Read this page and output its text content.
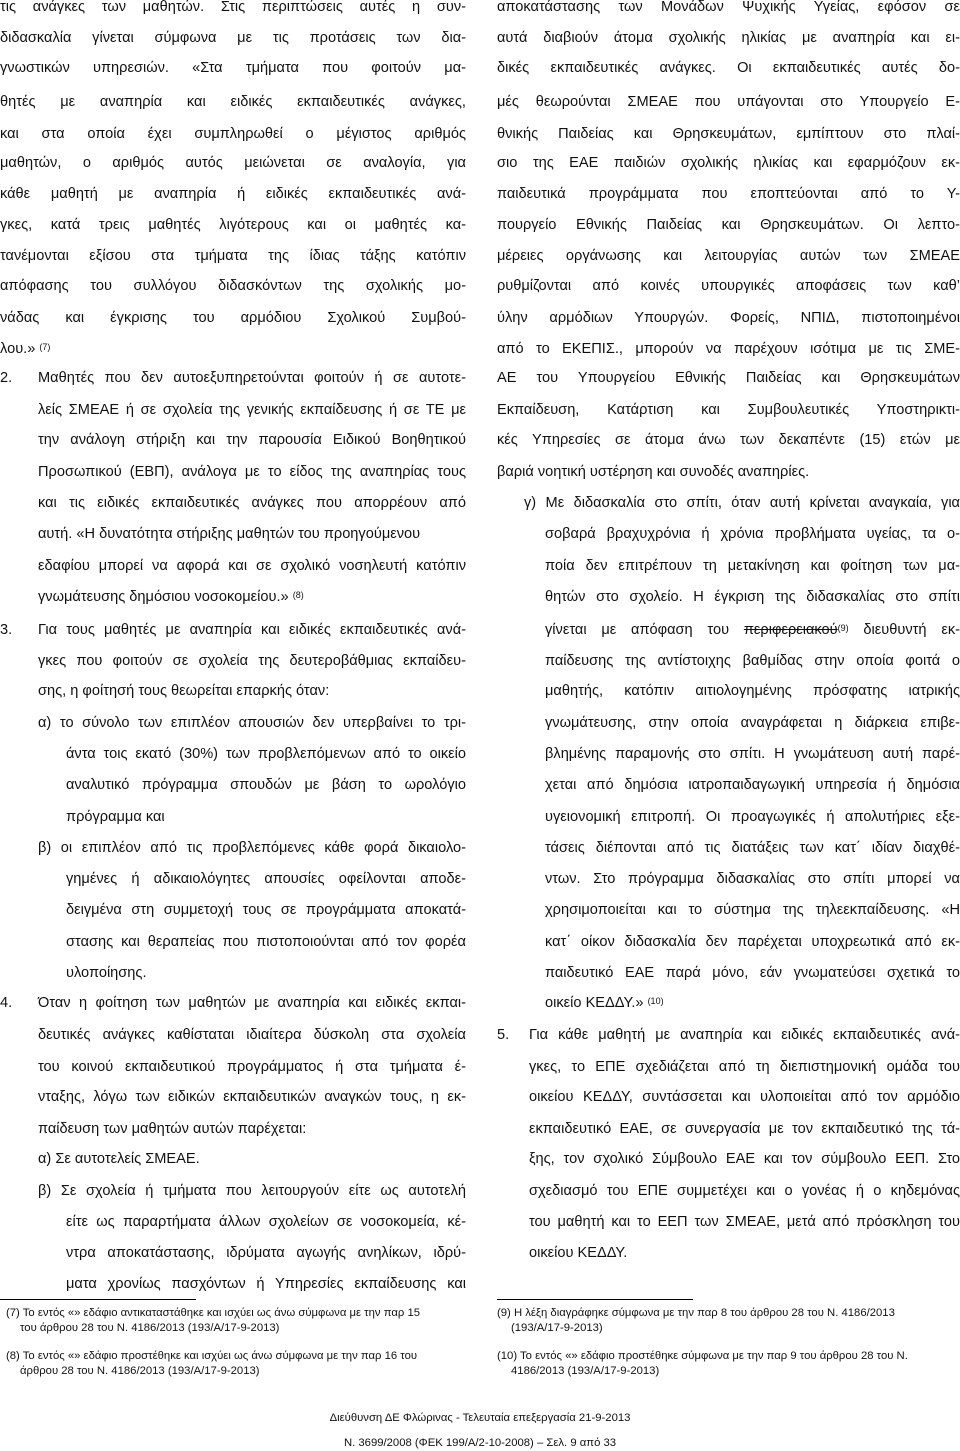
τις ανάγκες των μαθητών. Στις περιπτώσεις αυτές η συν-
διδασκαλία γίνεται σύμφωνα με τις προτάσεις των δια-
γνωστικών υπηρεσιών. «Στα τμήματα που φοιτούν μα-
θητές με αναπηρία και ειδικές εκπαιδευτικές ανάγκες,
και στα οποία έχει συμπληρωθεί ο μέγιστος αριθμός
μαθητών, ο αριθμός αυτός μειώνεται σε αναλογία, για
κάθε μαθητή με αναπηρία ή ειδικές εκπαιδευτικές ανά-
γκες, κατά τρεις μαθητές λιγότερους και οι μαθητές κα-
τανέμονται εξίσου στα τμήματα της ίδιας τάξης κατόπιν
απόφασης του συλλόγου διδασκόντων της σχολικής μο-
νάδας και έγκρισης του αρμόδιου Σχολικού Συμβού-
λου.» $^{(7)}$
2. Μαθητές που δεν αυτοεξυπηρετούνται φοιτούν ή σε αυτοτε-
λείς ΣΜΕΑΕ ή σε σχολεία της γενικής εκπαίδευσης ή σε ΤΕ με
την ανάλογη στήριξη και την παρουσία Ειδικού Βοηθητικού
Προσωπικού (ΕΒΠ), ανάλογα με το είδος της αναπηρίας τους
και τις ειδικές εκπαιδευτικές ανάγκες που απορρέουν από
αυτή. «Η δυνατότητα στήριξης μαθητών του προηγούμενου
εδαφίου μπορεί να αφορά και σε σχολικό νοσηλευτή κατόπιν
γνωμάτευσης δημόσιου νοσοκομείου.» $^{(8)}$
3. Για τους μαθητές με αναπηρία και ειδικές εκπαιδευτικές ανά-
γκες που φοιτούν σε σχολεία της δευτεροβάθμιας εκπαίδευ-
σης, η φοίτησή τους θεωρείται επαρκής όταν:
α) το σύνολο των επιπλέον απουσιών δεν υπερβαίνει το τρι-
άντα τοις εκατό (30%) των προβλεπόμενων από το οικείο
αναλυτικό πρόγραμμα σπουδών με βάση το ωρολόγιο
πρόγραμμα και
β) οι επιπλέον από τις προβλεπόμενες κάθε φορά δικαιολο-
γημένες ή αδικαιολόγητες απουσίες οφείλονται αποδε-
δειγμένα στη συμμετοχή τους σε προγράμματα αποκατά-
στασης και θεραπείας που πιστοποιούνται από τον φορέα
υλοποίησης.
4. Όταν η φοίτηση των μαθητών με αναπηρία και ειδικές εκπαι-
δευτικές ανάγκες καθίσταται ιδιαίτερα δύσκολη στα σχολεία
του κοινού εκπαιδευτικού προγράμματος ή στα τμήματα έ-
νταξης, λόγω των ειδικών εκπαιδευτικών αναγκών τους, η εκ-
παίδευση των μαθητών αυτών παρέχεται:
α) Σε αυτοτελείς ΣΜΕΑΕ.
β) Σε σχολεία ή τμήματα που λειτουργούν είτε ως αυτοτελή
είτε ως παραρτήματα άλλων σχολείων σε νοσοκομεία, κέ-
ντρα αποκατάστασης, ιδρύματα αγωγής ανηλίκων, ιδρύ-
ματα χρονίως πασχόντων ή Υπηρεσίες εκπαίδευσης και
αποκατάστασης των Μονάδων Ψυχικής Υγείας, εφόσον σε
αυτά διαβιούν άτομα σχολικής ηλικίας με αναπηρία και ει-
δικές εκπαιδευτικές ανάγκες. Οι εκπαιδευτικές αυτές δο-
μές θεωρούνται ΣΜΕΑΕ που υπάγονται στο Υπουργείο Ε-
θνικής Παιδείας και Θρησκευμάτων, εμπίπτουν στο πλαί-
σιο της ΕΑΕ παιδιών σχολικής ηλικίας και εφαρμόζουν εκ-
παιδευτικά προγράμματα που εποπτεύονται από το Υ-
πουργείο Εθνικής Παιδείας και Θρησκευμάτων. Οι λεπτο-
μέρειες οργάνωσης και λειτουργίας αυτών των ΣΜΕΑΕ
ρυθμίζονται από κοινές υπουργικές αποφάσεις των καθ’
ύλην αρμόδιων Υπουργών. Φορείς, ΝΠΙΔ, πιστοποιημένοι
από το ΕΚΕΠΙΣ., μπορούν να παρέχουν ισότιμα με τις ΣΜΕ-
ΑΕ του Υπουργείου Εθνικής Παιδείας και Θρησκευμάτων
Εκπαίδευση, Κατάρτιση και Συμβουλευτικές Υποστηρικτι-
κές Υπηρεσίες σε άτομα άνω των δεκαπέντε (15) ετών με
βαριά νοητική υστέρηση και συνοδές αναπηρίες.
γ) Με διδασκαλία στο σπίτι, όταν αυτή κρίνεται αναγκαία, για
σοβαρά βραχυχρόνια ή χρόνια προβλήματα υγείας, τα ο-
ποία δεν επιτρέπουν τη μετακίνηση και φοίτηση των μα-
θητών στο σχολείο. Η έγκριση της διδασκαλίας στο σπίτι
γίνεται με απόφαση του περιφερειακού$^{(9)}$ διευθυντή εκ-
παίδευσης της αντίστοιχης βαθμίδας στην οποία φοιτά ο
μαθητής, κατόπιν αιτιολογημένης πρόσφατης ιατρικής
γνωμάτευσης, στην οποία αναγράφεται η διάρκεια επιβε-
βλημένης παραμονής στο σπίτι. Η γνωμάτευση αυτή παρέ-
χεται από δημόσια ιατροπαιδαγωγική υπηρεσία ή δημόσια
υγειονομική επιτροπή. Οι προαγωγικές ή απολυτήριες εξε-
τάσεις διέπονται από τις διατάξεις των κατ΄ ιδίαν διαχθέ-
ντων. Στο πρόγραμμα διδασκαλίας στο σπίτι μπορεί να
χρησιμοποιείται και το σύστημα της τηλεεκπαίδευσης. «Η
κατ΄ οίκον διδασκαλία δεν παρέχεται υποχρεωτικά από εκ-
παιδευτικό ΕΑΕ παρά μόνο, εάν γνωματεύσει σχετικά το
οικείο ΚΕΔΔΥ.» $^{(10)}$
5. Για κάθε μαθητή με αναπηρία και ειδικές εκπαιδευτικές ανά-
γκες, το ΕΠΕ σχεδιάζεται από τη διεπιστημονική ομάδα του
οικείου ΚΕΔΔΥ, συντάσσεται και υλοποιείται από τον αρμόδιο
εκπαιδευτικό ΕΑΕ, σε συνεργασία με τον εκπαιδευτικό της τά-
ξης, τον σχολικό Σύμβουλο ΕΑΕ και τον σύμβουλο ΕΕΠ. Στο
σχεδιασμό του ΕΠΕ συμμετέχει και ο γονέας ή ο κηδεμόνας
του μαθητή και το ΕΕΠ των ΣΜΕΑΕ, μετά από πρόσκληση του
οικείου ΚΕΔΔΥ.
(7) Το εντός «» εδάφιο αντικαταστάθηκε και ισχύει ως άνω σύμφωνα με την παρ 15
του άρθρου 28 του Ν. 4186/2013 (193/Α/17-9-2013)
(8) Το εντός «» εδάφιο προστέθηκε και ισχύει ως άνω σύμφωνα με την παρ 16 του
άρθρου 28 του Ν. 4186/2013 (193/Α/17-9-2013)
(9) Η λέξη διαγράφηκε σύμφωνα με την παρ 8 του άρθρου 28 του Ν. 4186/2013
(193/Α/17-9-2013)
(10) Το εντός «» εδάφιο προστέθηκε σύμφωνα με την παρ 9 του άρθρου 28 του Ν.
4186/2013 (193/Α/17-9-2013)
Διεύθυνση ΔΕ Φλώρινας - Τελευταία επεξεργασία 21-9-2013
Ν. 3699/2008 (ΦΕΚ 199/Α/2-10-2008) – Σελ. 9 από 33
